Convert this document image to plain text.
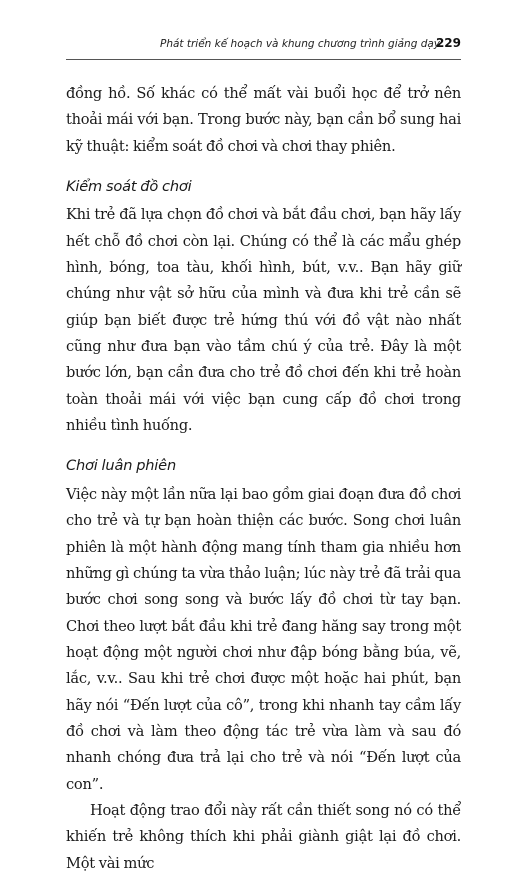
Phát triển kế hoạch và khung chương trình giảng dạy
229

đồng hồ. Số khác có thể mất vài buổi học để trở nên thoải mái với bạn. Trong bước này, bạn cần bổ sung hai kỹ thuật: kiểm soát đồ chơi và chơi thay phiên.

Kiểm soát đồ chơi

Khi trẻ đã lựa chọn đồ chơi và bắt đầu chơi, bạn hãy lấy hết chỗ đồ chơi còn lại. Chúng có thể là các mẩu ghép hình, bóng, toa tàu, khối hình, bút, v.v.. Bạn hãy giữ chúng như vật sở hữu của mình và đưa khi trẻ cần sẽ giúp bạn biết được trẻ hứng thú với đồ vật nào nhất cũng như đưa bạn vào tầm chú ý của trẻ. Đây là một bước lớn, bạn cần đưa cho trẻ đồ chơi đến khi trẻ hoàn toàn thoải mái với việc bạn cung cấp đồ chơi trong nhiều tình huống.

Chơi luân phiên

Việc này một lần nữa lại bao gồm giai đoạn đưa đồ chơi cho trẻ và tự bạn hoàn thiện các bước. Song chơi luân phiên là một hành động mang tính tham gia nhiều hơn những gì chúng ta vừa thảo luận; lúc này trẻ đã trải qua bước chơi song song và bước lấy đồ chơi từ tay bạn. Chơi theo lượt bắt đầu khi trẻ đang hăng say trong một hoạt động một người chơi như đập bóng bằng búa, vẽ, lắc, v.v.. Sau khi trẻ chơi được một hoặc hai phút, bạn hãy nói “Đến lượt của cô”, trong khi nhanh tay cầm lấy đồ chơi và làm theo động tác trẻ vừa làm và sau đó nhanh chóng đưa trả lại cho trẻ và nói “Đến lượt của con”.

Hoạt động trao đổi này rất cần thiết song nó có thể khiến trẻ không thích khi phải giành giật lại đồ chơi. Một vài mức
